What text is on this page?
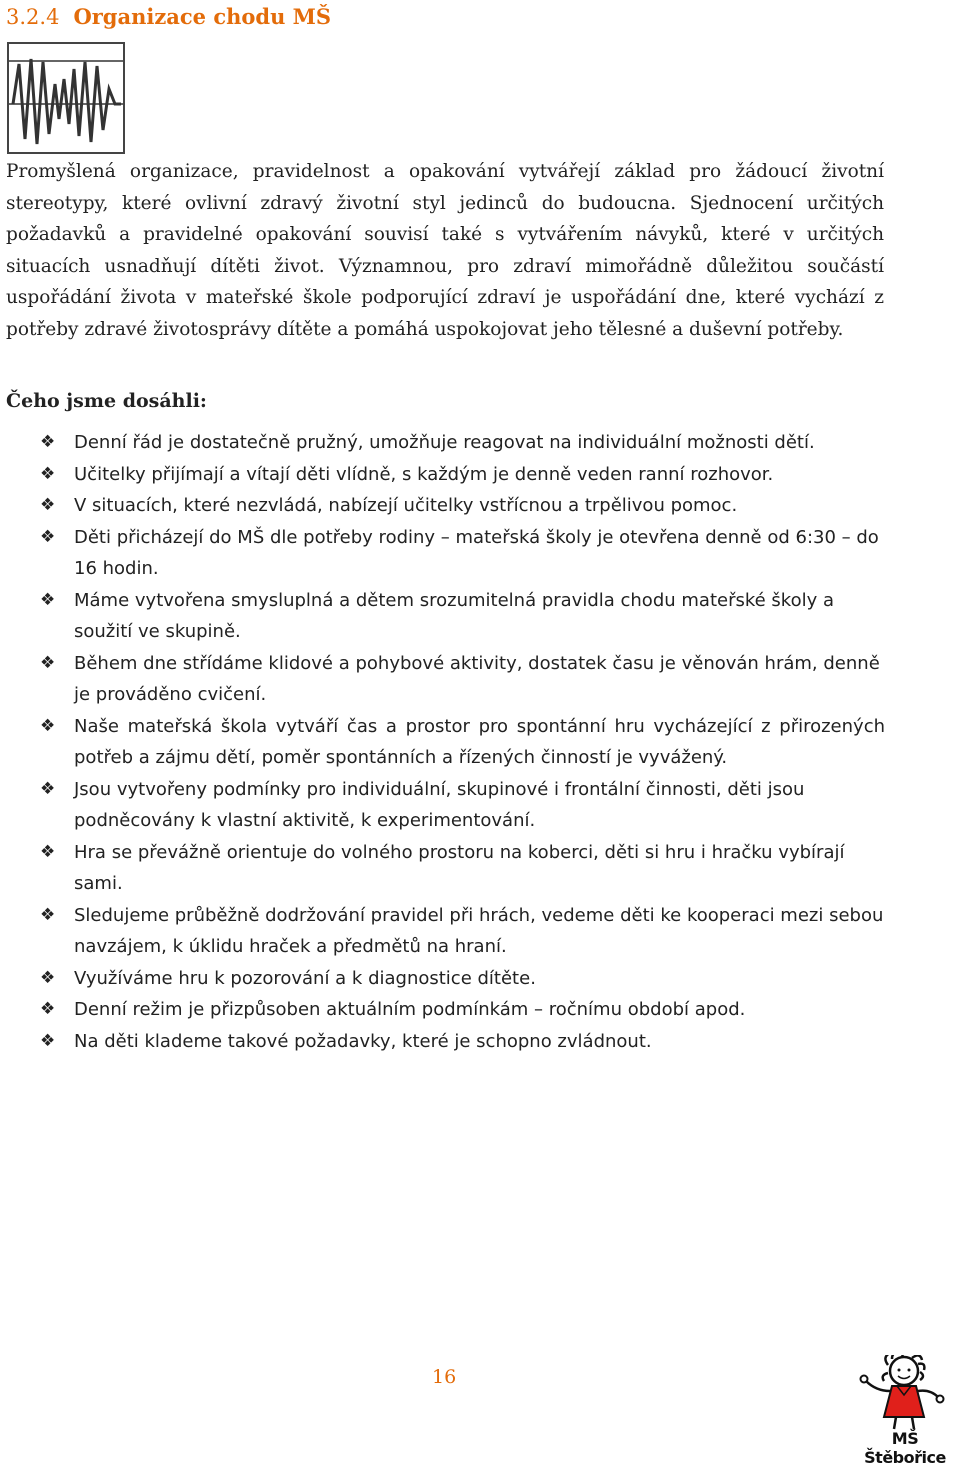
3.2.4 Organizace chodu MŠ

Promyšlená organizace, pravidelnost a opakování vytvářejí základ pro žádoucí životní stereotypy, které ovlivní zdravý životní styl jedinců do budoucna. Sjednocení určitých požadavků a pravidelné opakování souvisí také s vytvářením návyků, které v určitých situacích usnadňují dítěti život. Významnou, pro zdraví mimořádně důležitou součástí uspořádání života v mateřské škole podporující zdraví je uspořádání dne, které vychází z potřeby zdravé životosprávy dítěte a pomáhá uspokojovat jeho tělesné a duševní potřeby.

Čeho jsme dosáhli:
❖ Denní řád je dostatečně pružný, umožňuje reagovat na individuální možnosti dětí.
❖ Učitelky přijímají a vítají děti vlídně, s každým je denně veden ranní rozhovor.
❖ V situacích, které nezvládá, nabízejí učitelky vstřícnou a trpělivou pomoc.
❖ Děti přicházejí do MŠ dle potřeby rodiny – mateřská školy je otevřena denně od 6:30 – do 16 hodin.
❖ Máme vytvořena smysluplná a dětem srozumitelná pravidla chodu mateřské školy a soužití ve skupině.
❖ Během dne střídáme klidové a pohybové aktivity, dostatek času je věnován hrám, denně je prováděno cvičení.
❖ Naše mateřská škola vytváří čas a prostor pro spontánní hru vycházející z přirozených potřeb a zájmu dětí, poměr spontánních a řízených činností je vyvážený.
❖ Jsou vytvořeny podmínky pro individuální, skupinové i frontální činnosti, děti jsou podněcovány k vlastní aktivitě, k experimentování.
❖ Hra se převážně orientuje do volného prostoru na koberci, děti si hru i hračku vybírají sami.
❖ Sledujeme průběžně dodržování pravidel při hrách, vedeme děti ke kooperaci mezi sebou navzájem, k úklidu hraček a předmětů na hraní.
❖ Využíváme hru k pozorování a k diagnostice dítěte.
❖ Denní režim je přizpůsoben aktuálním podmínkám – ročnímu období apod.
❖ Na děti klademe takové požadavky, které je schopno zvládnout.
16
MŠ Štěbořice
